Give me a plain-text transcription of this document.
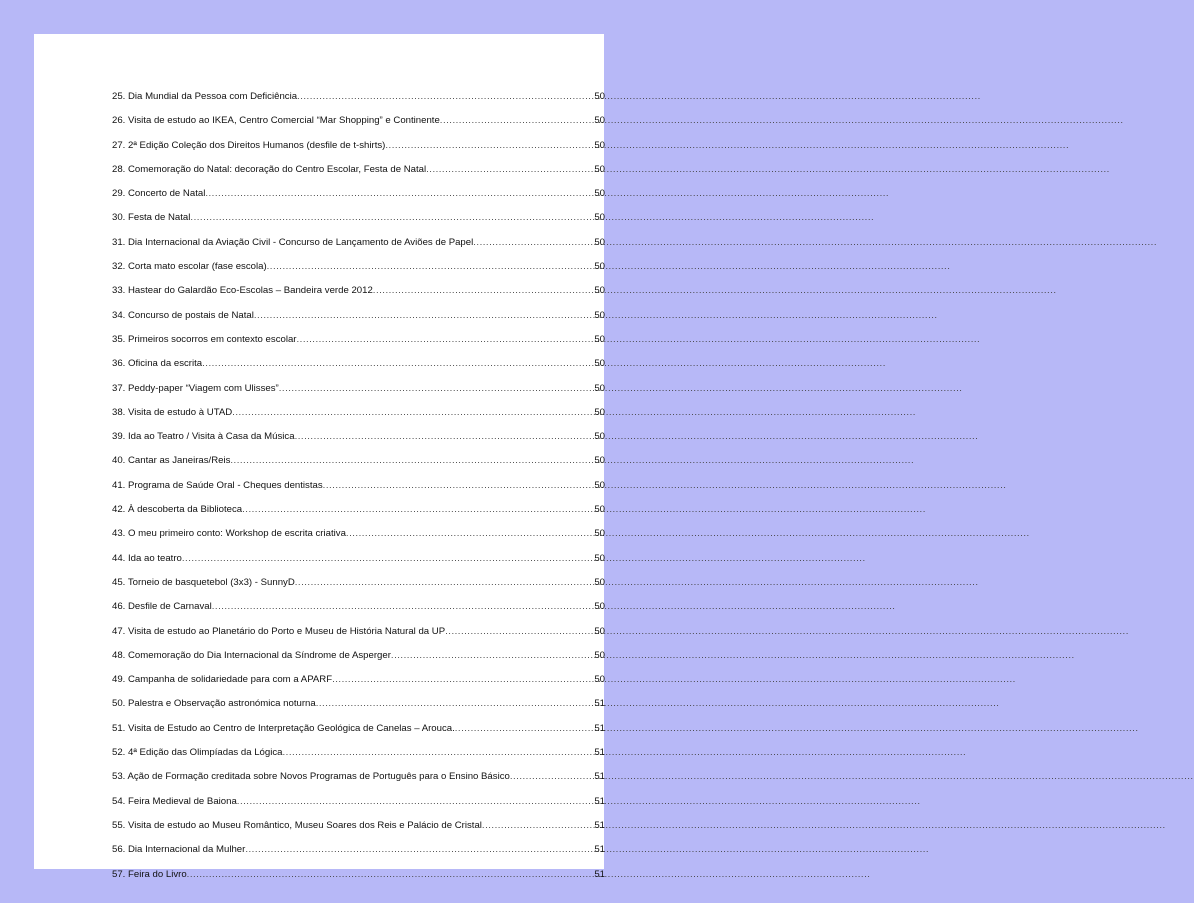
25. Dia Mundial da Pessoa com Deficiência .....	50
26. Visita de estudo ao IKEA, Centro Comercial “Mar Shopping” e Continente .....	50
27. 2ª Edição Coleção dos Direitos Humanos (desfile de t-shirts) .....	50
28. Comemoração do Natal: decoração do Centro Escolar, Festa de Natal .....	50
29. Concerto de Natal .....	50
30. Festa de Natal .....	50
31. Dia Internacional da Aviação Civil - Concurso de Lançamento de Aviões de Papel .....	50
32. Corta mato escolar (fase escola) .....	50
33. Hastear do Galardão Eco-Escolas – Bandeira verde 2012 .....	50
34. Concurso de postais de Natal .....	50
35. Primeiros socorros em contexto escolar .....	50
36. Oficina da escrita .....	50
37. Peddy-paper “Viagem com Ulisses” .....	50
38. Visita de estudo à UTAD .....	50
39. Ida ao Teatro / Visita à Casa da Música .....	50
40. Cantar as Janeiras/Reis .....	50
41. Programa de Saúde Oral - Cheques dentistas .....	50
42. À descoberta da Biblioteca .....	50
43. O meu primeiro conto: Workshop de escrita criativa .....	50
44. Ida ao teatro .....	50
45. Torneio de basquetebol (3x3) - SunnyD .....	50
46. Desfile de Carnaval .....	50
47. Visita de estudo ao Planetário do Porto e Museu de História Natural da UP .....	50
48. Comemoração do Dia Internacional da Síndrome de Asperger .....	50
49. Campanha de solidariedade para com a APARF .....	50
50. Palestra e Observação astronómica noturna .....	51
51. Visita de Estudo ao Centro de Interpretação Geológica de Canelas – Arouca. .....	51
52. 4ª Edição das Olimpíadas da Lógica .....	51
53. Ação de Formação creditada sobre Novos Programas de Português para o Ensino Básico .....	51
54. Feira Medieval de Baiona .....	51
55. Visita de estudo ao Museu Romântico, Museu Soares dos Reis e Palácio de Cristal .....	51
56. Dia Internacional da Mulher .....	51
57. Feira do Livro .....	51
